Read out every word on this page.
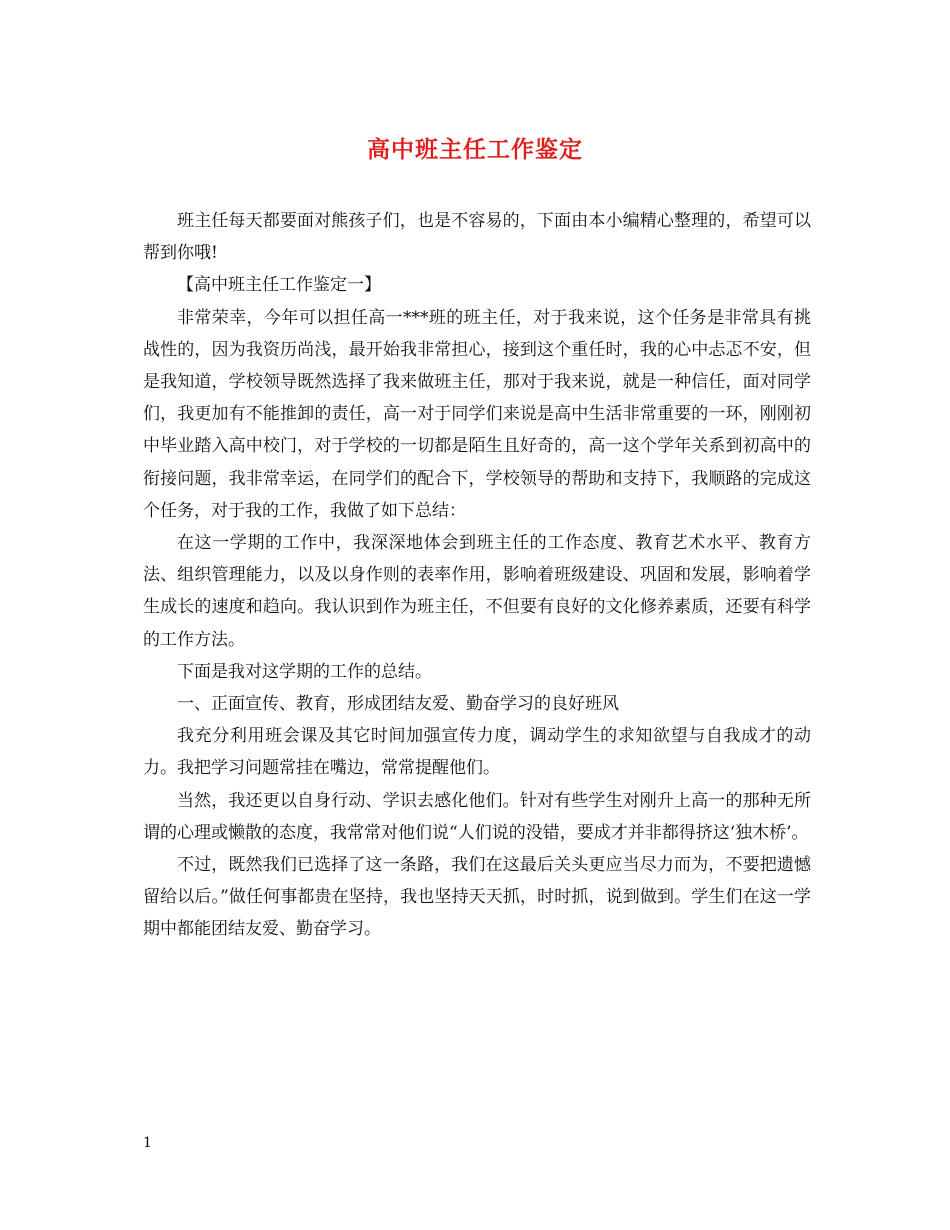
高中班主任工作鉴定

班主任每天都要面对熊孩子们，也是不容易的，下面由本小编精心整理的，希望可以帮到你哦!

【高中班主任工作鉴定一】

非常荣幸，今年可以担任高一***班的班主任，对于我来说，这个任务是非常具有挑战性的，因为我资历尚浅，最开始我非常担心，接到这个重任时，我的心中忐忑不安，但是我知道，学校领导既然选择了我来做班主任，那对于我来说，就是一种信任，面对同学们，我更加有不能推卸的责任，高一对于同学们来说是高中生活非常重要的一环，刚刚初中毕业踏入高中校门，对于学校的一切都是陌生且好奇的，高一这个学年关系到初高中的衔接问题，我非常幸运，在同学们的配合下，学校领导的帮助和支持下，我顺路的完成这个任务，对于我的工作，我做了如下总结：

在这一学期的工作中，我深深地体会到班主任的工作态度、教育艺术水平、教育方法、组织管理能力，以及以身作则的表率作用，影响着班级建设、巩固和发展，影响着学生成长的速度和趋向。我认识到作为班主任，不但要有良好的文化修养素质，还要有科学的工作方法。

下面是我对这学期的工作的总结。

一、正面宣传、教育，形成团结友爱、勤奋学习的良好班风

我充分利用班会课及其它时间加强宣传力度，调动学生的求知欲望与自我成才的动力。我把学习问题常挂在嘴边，常常提醒他们。

当然，我还更以自身行动、学识去感化他们。针对有些学生对刚升上高一的那种无所谓的心理或懒散的态度，我常常对他们说“人们说的没错，要成才并非都得挤这‘独木桥’。

不过，既然我们已选择了这一条路，我们在这最后关头更应当尽力而为，不要把遗憾留给以后。”做任何事都贵在坚持，我也坚持天天抓，时时抓，说到做到。学生们在这一学期中都能团结友爱、勤奋学习。

1
